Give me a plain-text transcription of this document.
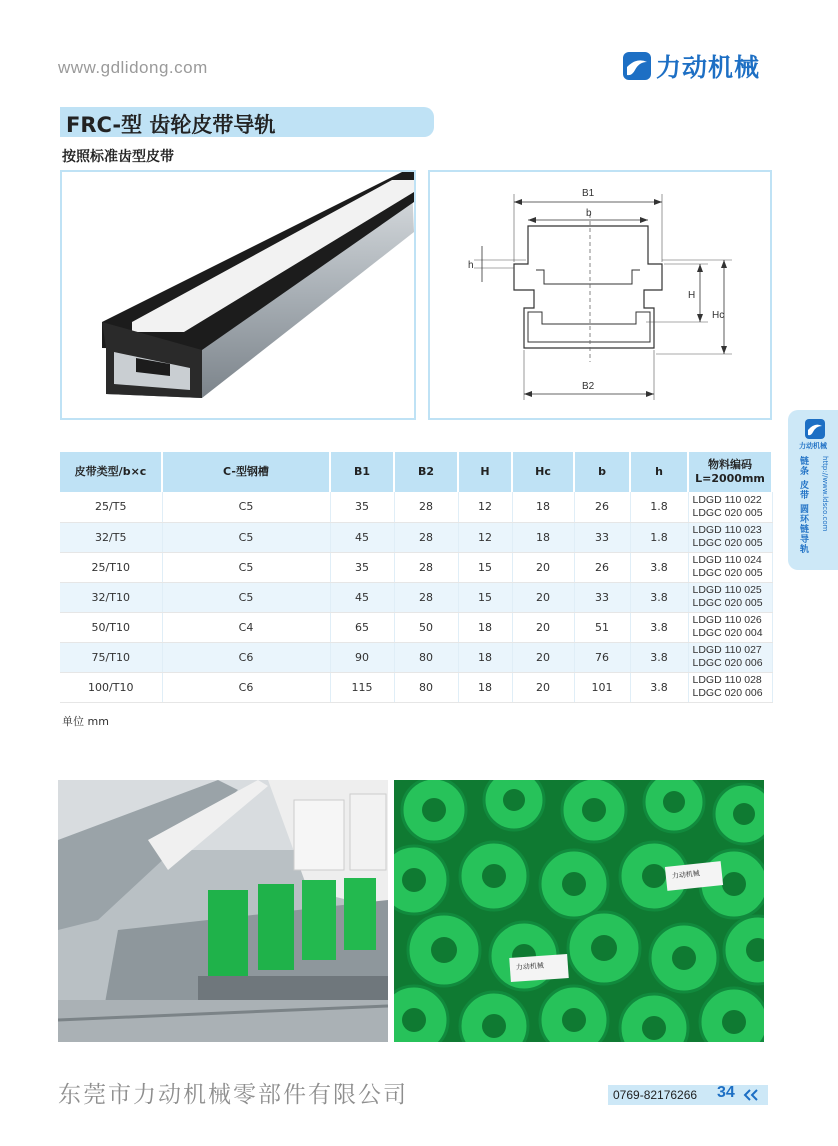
www.gdlidong.com	力动机械
FRC-型 齿轮皮带导轨
按照标准齿型皮带
B1
b
h
H
Hc
B2
力动机械
链条 皮带 圆环链导轨	http://www.ldsco.com
皮带类型/b×c	C-型钢槽	B1	B2	H	Hc	b	h	物料编码
L=2000mm
25/T5	C5	35	28	12	18	26	1.8	LDGD 110 022
LDGC 020 005

32/T5	C5	45	28	12	18	33	1.8	LDGD 110 023
LDGC 020 005

25/T10	C5	35	28	15	20	26	3.8	LDGD 110 024
LDGC 020 005

32/T10	C5	45	28	15	20	33	3.8	LDGD 110 025
LDGC 020 005

50/T10	C4	65	50	18	20	51	3.8	LDGD 110 026
LDGC 020 004

75/T10	C6	90	80	18	20	76	3.8	LDGD 110 027
LDGC 020 006

100/T10	C6	115	80	18	20	101	3.8	LDGD 110 028
LDGC 020 006
单位 mm
力动机械
力动机械
东莞市力动机械零部件有限公司	0769-82176266 34
